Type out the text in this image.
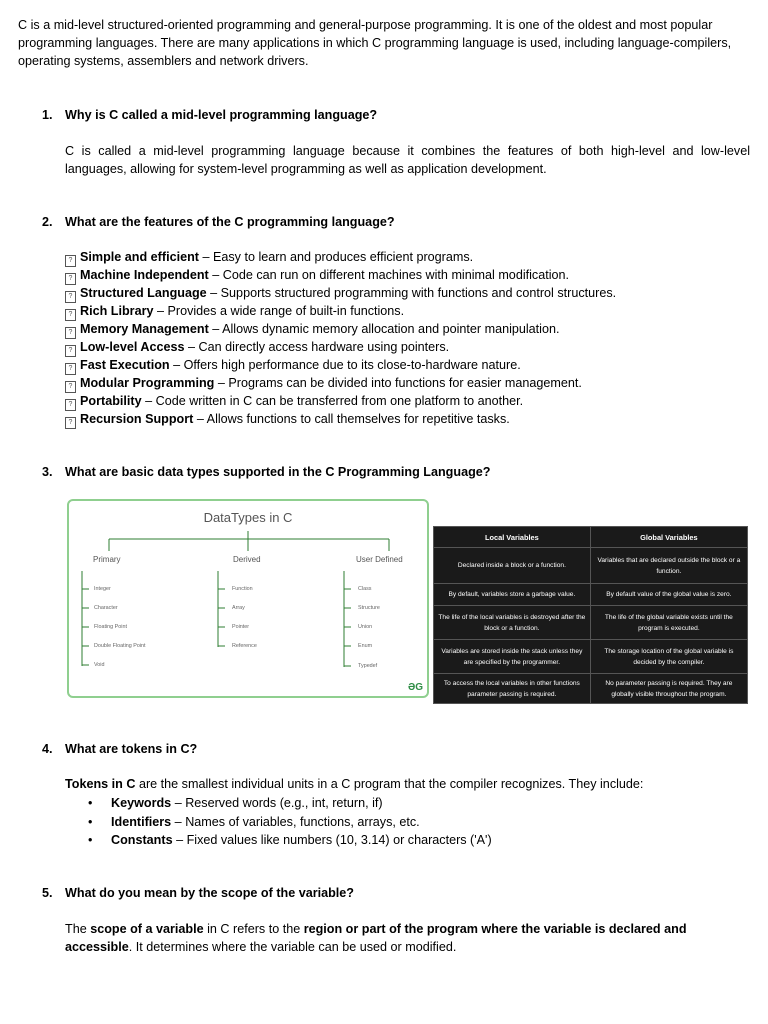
C is a mid-level structured-oriented programming and general-purpose programming. It is one of the oldest and most popular programming languages. There are many applications in which C programming language is used, including language-compilers, operating systems, assemblers and network drivers.
1. Why is C called a mid-level programming language?
C is called a mid-level programming language because it combines the features of both high-level and low-level languages, allowing for system-level programming as well as application development.
2. What are the features of the C programming language?
? Simple and efficient – Easy to learn and produces efficient programs.
? Machine Independent – Code can run on different machines with minimal modification.
? Structured Language – Supports structured programming with functions and control structures.
? Rich Library – Provides a wide range of built-in functions.
? Memory Management – Allows dynamic memory allocation and pointer manipulation.
? Low-level Access – Can directly access hardware using pointers.
? Fast Execution – Offers high performance due to its close-to-hardware nature.
? Modular Programming – Programs can be divided into functions for easier management.
? Portability – Code written in C can be transferred from one platform to another.
? Recursion Support – Allows functions to call themselves for repetitive tasks.
3. What are basic data types supported in the C Programming Language?
DataTypes in C
Primary	Derived	User Defined
Integer
Character
Floating Point
Double Floating Point
Void
Function
Array
Pointer
Reference
Class
Structure
Union
Enum
Typedef
ƏG
Local Variables	Global Variables
Declared inside a block or a function.	Variables that are declared outside the block or a function.
By default, variables store a garbage value.	By default value of the global value is zero.
The life of the local variables is destroyed after the block or a function.	The life of the global variable exists until the program is executed.
Variables are stored inside the stack unless they are specified by the programmer.	The storage location of the global variable is decided by the compiler.
To access the local variables in other functions parameter passing is required.	No parameter passing is required. They are globally visible throughout the program.
4. What are tokens in C?
Tokens in C are the smallest individual units in a C program that the compiler recognizes. They include:
• Keywords – Reserved words (e.g., int, return, if)
• Identifiers – Names of variables, functions, arrays, etc.
• Constants – Fixed values like numbers (10, 3.14) or characters ('A')
5. What do you mean by the scope of the variable?
The scope of a variable in C refers to the region or part of the program where the variable is declared and accessible. It determines where the variable can be used or modified.
